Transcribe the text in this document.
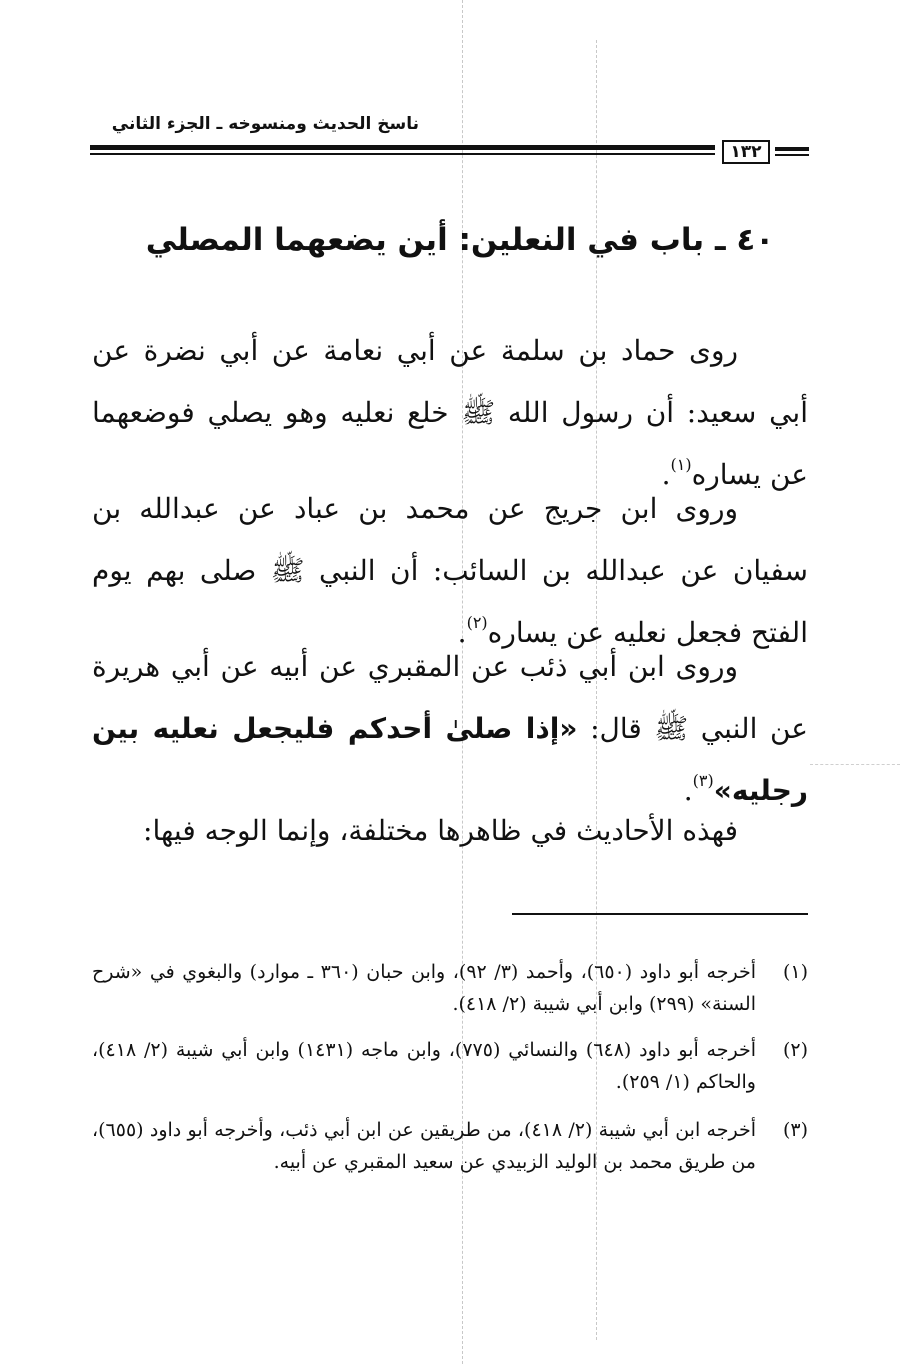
ناسخ الحديث ومنسوخه ـ الجزء الثاني
١٣٢
٤٠ ـ باب في النعلين: أين يضعهما المصلي
روى حماد بن سلمة عن أبي نعامة عن أبي نضرة عن أبي سعيد: أن رسول الله ﷺ خلع نعليه وهو يصلي فوضعهما عن يساره$^{(١)}$.
وروى ابن جريج عن محمد بن عباد عن عبدالله بن سفيان عن عبدالله بن السائب: أن النبي ﷺ صلى بهم يوم الفتح فجعل نعليه عن يساره$^{(٢)}$.
وروى ابن أبي ذئب عن المقبري عن أبيه عن أبي هريرة عن النبي ﷺ قال: «إذا صلىٰ أحدكم فليجعل نعليه بين رجليه»$^{(٣)}$.
فهذه الأحاديث في ظاهرها مختلفة، وإنما الوجه فيها:
(١)
أخرجه أبو داود (٦٥٠)، وأحمد (٣/ ٩٢)، وابن حبان (٣٦٠ ـ موارد) والبغوي في «شرح السنة» (٢٩٩) وابن أبي شيبة (٢/ ٤١٨).
(٢)
أخرجه أبو داود (٦٤٨) والنسائي (٧٧٥)، وابن ماجه (١٤٣١) وابن أبي شيبة (٢/ ٤١٨)، والحاكم (١/ ٢٥٩).
(٣)
أخرجه ابن أبي شيبة (٢/ ٤١٨)، من طريقين عن ابن أبي ذئب، وأخرجه أبو داود (٦٥٥)، من طريق محمد بن الوليد الزبيدي عن سعيد المقبري عن أبيه.
